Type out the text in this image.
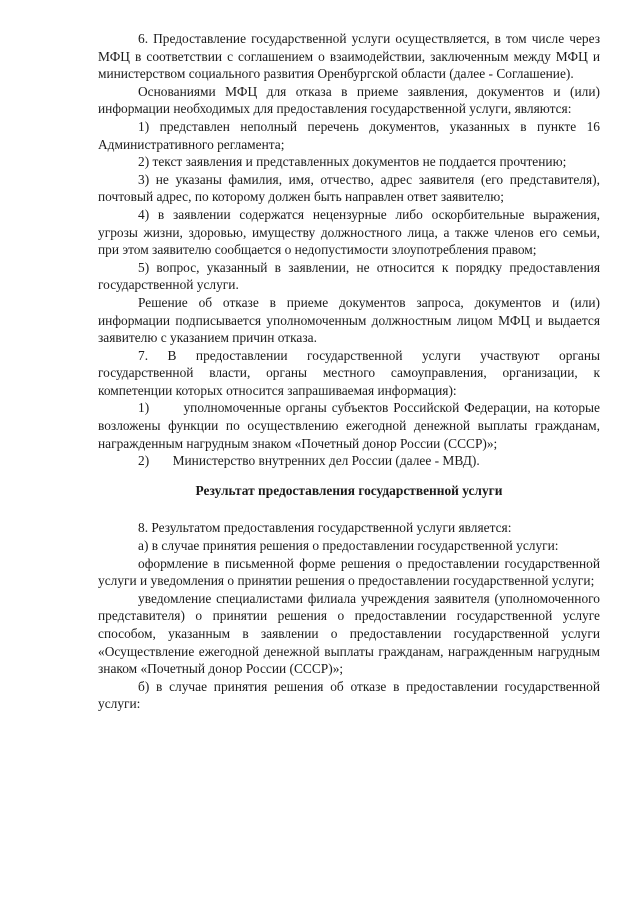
6. Предоставление государственной услуги осуществляется, в том числе через МФЦ в соответствии с соглашением о взаимодействии, заключенным между МФЦ и министерством социального развития Оренбургской области (далее - Соглашение).

Основаниями МФЦ для отказа в приеме заявления, документов и (или) информации необходимых для предоставления государственной услуги, являются:

1) представлен неполный перечень документов, указанных в пункте 16 Административного регламента;

2) текст заявления и представленных документов не поддается прочтению;

3) не указаны фамилия, имя, отчество, адрес заявителя (его представителя), почтовый адрес, по которому должен быть направлен ответ заявителю;

4) в заявлении содержатся нецензурные либо оскорбительные выражения, угрозы жизни, здоровью, имуществу должностного лица, а также членов его семьи, при этом заявителю сообщается о недопустимости злоупотребления правом;

5) вопрос, указанный в заявлении, не относится к порядку предоставления государственной услуги.

Решение об отказе в приеме документов запроса, документов и (или) информации подписывается уполномоченным должностным лицом МФЦ и выдается заявителю с указанием причин отказа.

7. В предоставлении государственной услуги участвуют органы государственной власти, органы местного самоуправления, организации, к компетенции которых относится запрашиваемая информация):

1)	уполномоченные органы субъектов Российской Федерации, на которые возложены функции по осуществлению ежегодной денежной выплаты гражданам, награжденным нагрудным знаком «Почетный донор России (СССР)»;

2) Министерство внутренних дел России (далее - МВД).

Результат предоставления государственной услуги

8. Результатом предоставления государственной услуги является:

а) в случае принятия решения о предоставлении государственной услуги:

оформление в письменной форме решения о предоставлении государственной услуги и уведомления о принятии решения о предоставлении государственной услуги;

уведомление специалистами филиала учреждения заявителя (уполномоченного представителя) о принятии решения о предоставлении государственной услуге способом, указанным в заявлении о предоставлении государственной услуги «Осуществление ежегодной денежной выплаты гражданам, награжденным нагрудным знаком «Почетный донор России (СССР)»;

б) в случае принятия решения об отказе в предоставлении государственной услуги:
